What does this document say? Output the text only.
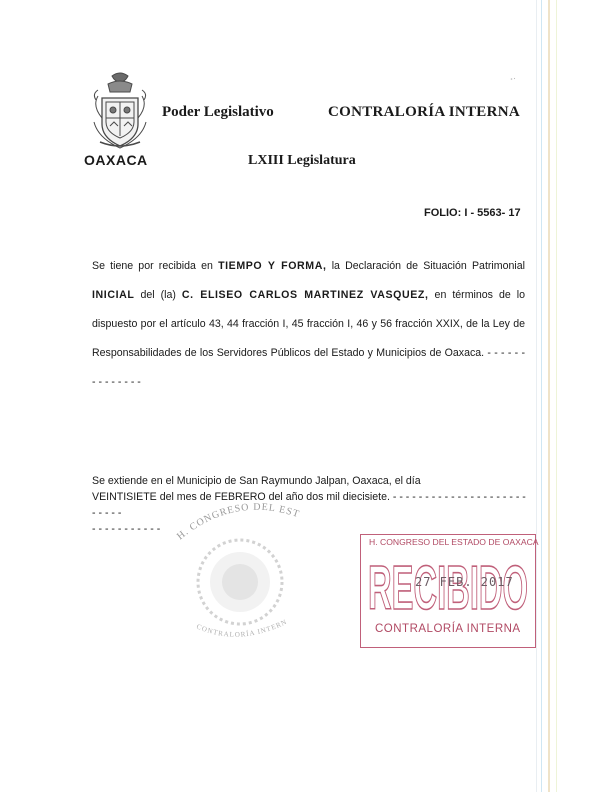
OAXACA
Poder Legislativo	CONTRALORÍA INTERNA
LXIII Legislatura
FOLIO: I - 5563- 17
Se tiene por recibida en TIEMPO Y FORMA, la Declaración de Situación Patrimonial INICIAL del (la) C. ELISEO CARLOS MARTINEZ VASQUEZ, en términos de lo dispuesto por el artículo 43, 44 fracción I, 45 fracción I, 46 y 56 fracción XXIX, de la Ley de Responsabilidades de los Servidores Públicos del Estado y Municipios de Oaxaca. - - - - - - - - - - - - - -
Se extiende en el Municipio de San Raymundo Jalpan, Oaxaca, el día
VEINTISIETE del mes de FEBRERO del año dos mil diecisiete. - - - - - - - - - - - - - - - - - - - - - - - - - -
- - - - - - - - - - -	H. CONGRESO DEL EST
CONTRALORÍA INTERN
H. CONGRESO DEL ESTADO DE OAXACA
RECIBIDO
27 FEB. 2017
CONTRALORÍA INTERNA
